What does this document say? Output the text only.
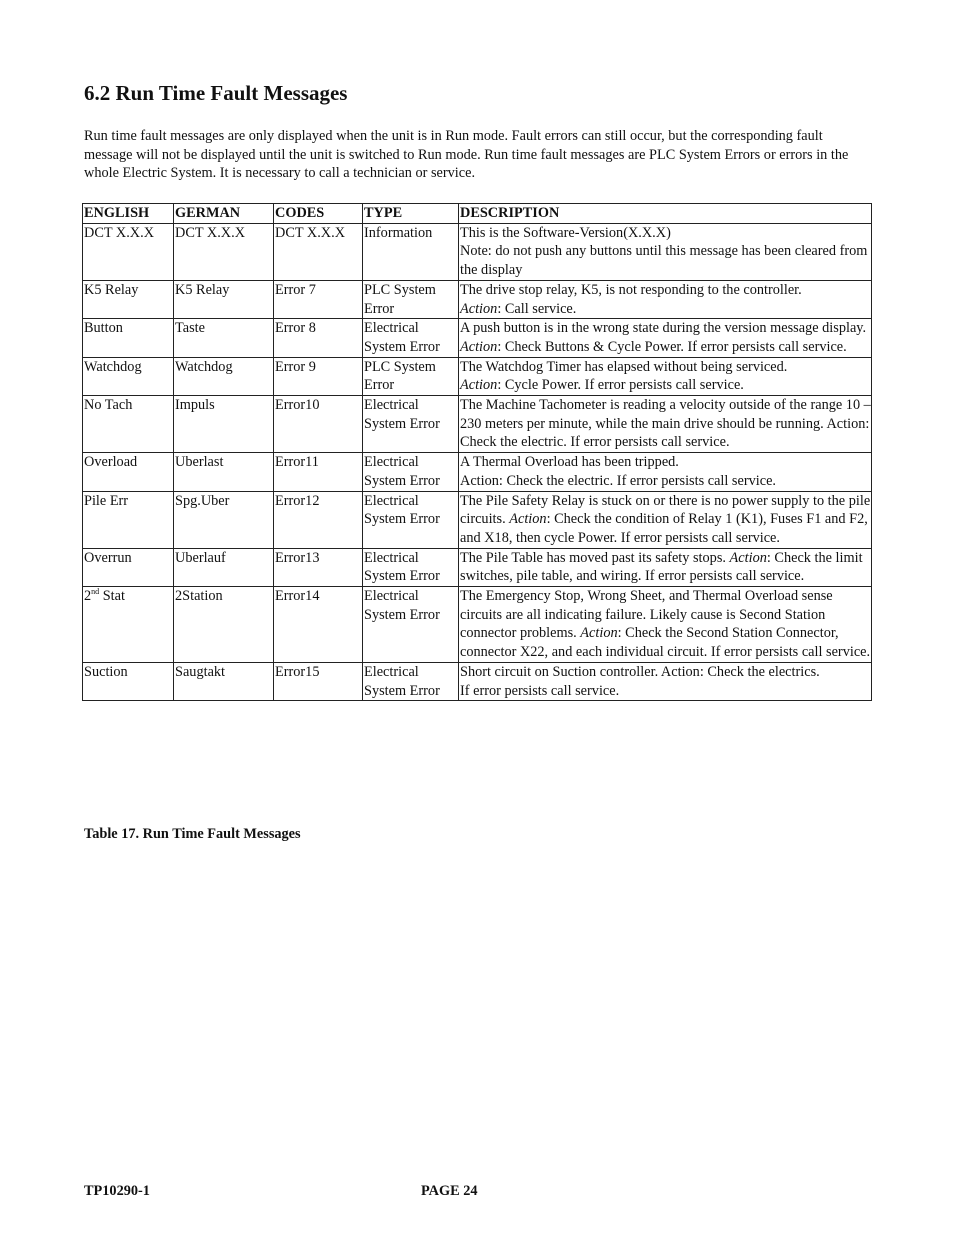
6.2 Run Time Fault Messages

Run time fault messages are only displayed when the unit is in Run mode. Fault errors can still occur, but the corresponding fault message will not be displayed until the unit is switched to Run mode. Run time fault messages are PLC System Errors or errors in the whole Electric System. It is necessary to call a technician or service.

ENGLISH	GERMAN	CODES	TYPE	DESCRIPTION
DCT X.X.X	DCT X.X.X	DCT X.X.X	Information	This is the Software-Version(X.X.X)
Note: do not push any buttons until this message has been cleared from the display

K5 Relay	K5 Relay	Error 7	PLC System Error	The drive stop relay, K5, is not responding to the controller.
Action: Call service.
Button	Taste	Error 8	Electrical System Error	A push button is in the wrong state during the version message display. Action: Check Buttons & Cycle Power. If error persists call service.
Watchdog	Watchdog	Error 9	PLC System Error	The Watchdog Timer has elapsed without being serviced.
Action: Cycle Power. If error persists call service.
No Tach	Impuls	Error10	Electrical System Error	The Machine Tachometer is reading a velocity outside of the range 10 – 230 meters per minute, while the main drive should be running. Action: Check the electric. If error persists call service.
Overload	Uberlast	Error11	Electrical System Error	A Thermal Overload has been tripped.
Action: Check the electric. If error persists call service.

Pile Err	Spg.Uber	Error12	Electrical System Error	The Pile Safety Relay is stuck on or there is no power supply to the pile circuits. Action: Check the condition of Relay 1 (K1), Fuses F1 and F2, and X18, then cycle Power. If error persists call service.
Overrun	Uberlauf	Error13	Electrical System Error	The Pile Table has moved past its safety stops. Action: Check the limit switches, pile table, and wiring. If error persists call service.
2nd Stat	2Station	Error14	Electrical System Error	The Emergency Stop, Wrong Sheet, and Thermal Overload sense circuits are all indicating failure. Likely cause is Second Station connector problems. Action: Check the Second Station Connector, connector X22, and each individual circuit. If error persists call service.
Suction	Saugtakt	Error15	Electrical System Error	Short circuit on Suction controller. Action: Check the electrics.
If error persists call service.
Table 17. Run Time Fault Messages
TP10290-1	PAGE 24
